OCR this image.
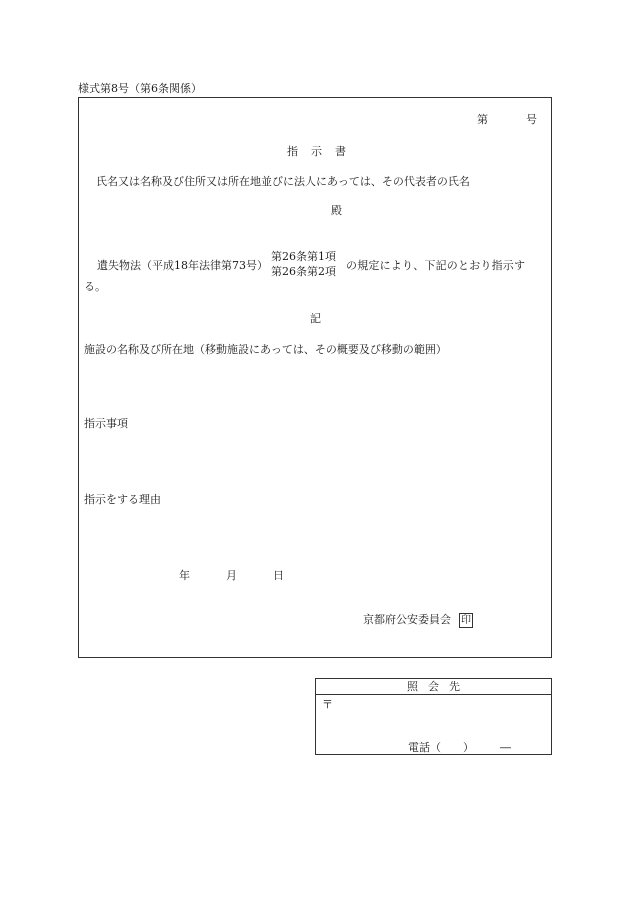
様式第8号（第6条関係）
第	号
指示書
氏名又は名称及び住所又は所在地並びに法人にあっては、その代表者の氏名
殿
遺失物法（平成18年法律第73号）
第26条第1項
第26条第2項 の規定により、下記のとおり指示す
る。
記
施設の名称及び所在地（移動施設にあっては、その概要及び移動の範囲）
指示事項
指示をする理由
年	月	日
京都府公安委員会 印
照会先
〒
電話（　　） ―
